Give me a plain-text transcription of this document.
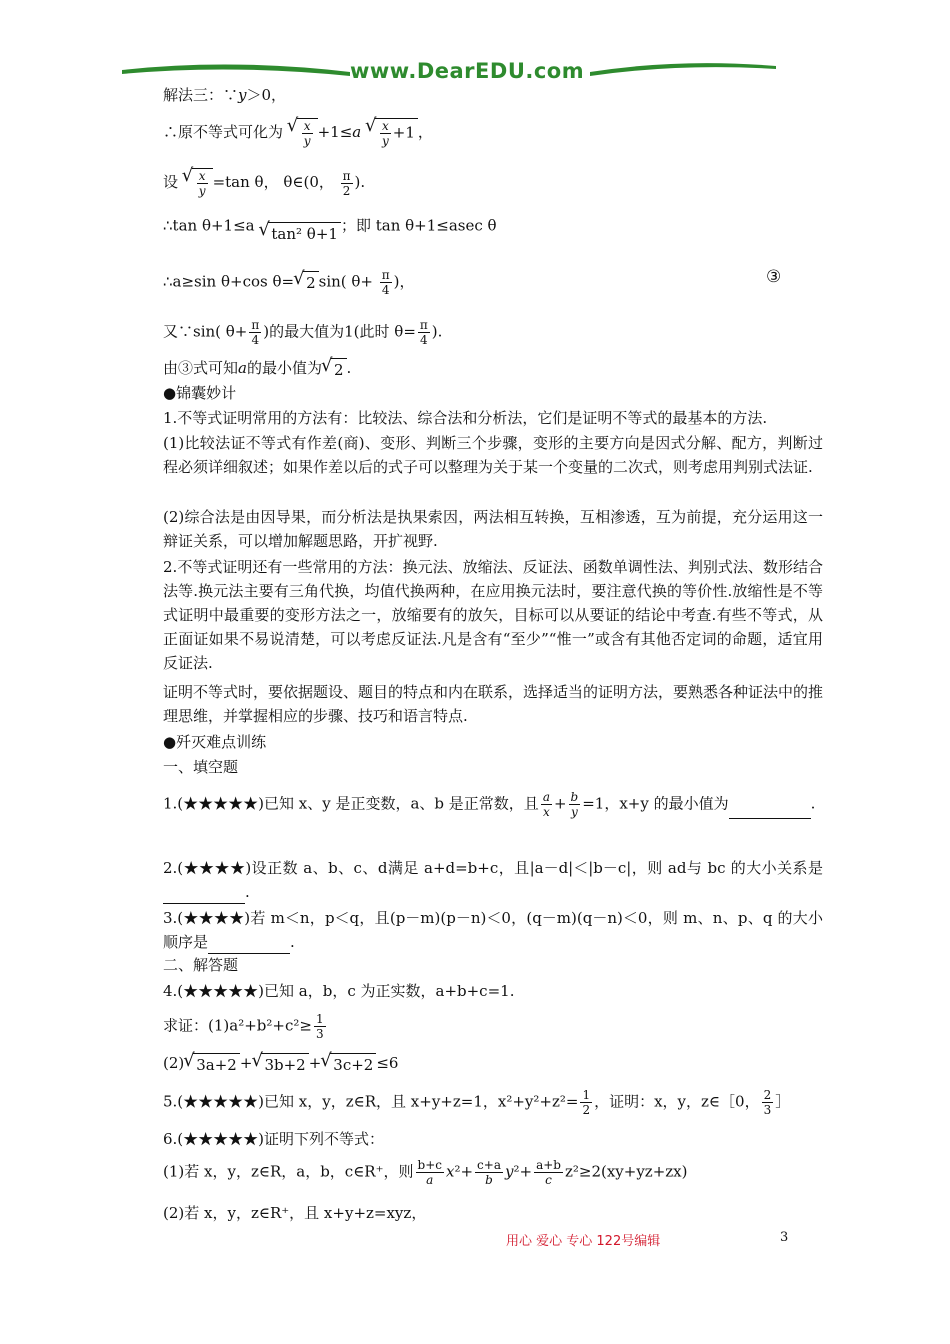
www.DearEDU.com
解法三：∵y＞0，
∴原不等式可化为 √ $\frac{x}{y} +1\le a$ √ $\frac{x}{y} +1$ ，
设 √ $\frac{x}{y} =\tan$ θ， θ∈(0， $\frac{\pi}{2}$ ).
∴tan θ+1≤a √ tan² θ+1 ；即 tan θ+1≤asec θ
∴a≥sin θ+cos θ= √ 2 sin( $\theta+ \frac{\pi}{4}$ )，	③
又∵sin( $\theta+ \frac{\pi}{4}$ )的最大值为1(此时 $\theta= \frac{\pi}{4}$ ).
由③式可知a的最小值为 √ 2 .
●锦囊妙计
1.不等式证明常用的方法有：比较法、综合法和分析法，它们是证明不等式的最基本的方法.
(1)比较法证不等式有作差(商)、变形、判断三个步骤，变形的主要方向是因式分解、配方，判断过程必须详细叙述；如果作差以后的式子可以整理为关于某一个变量的二次式，则考虑用判别式法证.
(2)综合法是由因导果，而分析法是执果索因，两法相互转换，互相渗透，互为前提，充分运用这一辩证关系，可以增加解题思路，开扩视野.
2.不等式证明还有一些常用的方法：换元法、放缩法、反证法、函数单调性法、判别式法、数形结合法等.换元法主要有三角代换，均值代换两种，在应用换元法时，要注意代换的等价性.放缩性是不等式证明中最重要的变形方法之一，放缩要有的放矢，目标可以从要证的结论中考查.有些不等式，从正面证如果不易说清楚，可以考虑反证法.凡是含有“至少”“惟一”或含有其他否定词的命题，适宜用反证法.
证明不等式时，要依据题设、题目的特点和内在联系，选择适当的证明方法，要熟悉各种证法中的推理思维，并掌握相应的步骤、技巧和语言特点.
●歼灭难点训练
一、填空题
1.(★★★★★)已知 x、y 是正变数，a、b 是正常数，且 $\frac{a}{x} + \frac{b}{y} =1$，x+y 的最小值为	.
2.(★★★★)设正数 a、b、c、d满足 a+d=b+c，且|a－d|＜|b－c|，则 ad与 bc 的大小关系是.
3.(★★★★)若 m＜n，p＜q，且(p－m)(p－n)＜0，(q－m)(q－n)＜0，则 m、n、p、q 的大小顺序是	.
二、解答题
4.(★★★★★)已知 a，b，c 为正实数，a+b+c=1.
求证：$(1)a^2+b^2+c^2\ge \frac{1}{3}$
(2) √ 3a+2 + √ 3b+2 + √ 3c+2 ≤6
5.(★★★★★)已知 x，y，z∈R，且 x+y+z=1，$x^2+y^2+z^2= \frac{1}{2}$ ，证明：x，y，z∈［0， $\frac{2}{3}$ ］
6.(★★★★★)证明下列不等式：
(1)若 x，y，z∈R，a，b，c∈R⁺，则 $\frac{b+c}{a} x^2+ \frac{c+a}{b} y^2+ \frac{a+b}{c} z^2\ge 2(xy+yz+zx)$
(2)若 x，y，z∈R⁺，且 x+y+z=xyz，
用心 爱心 专心 122号编辑	3
